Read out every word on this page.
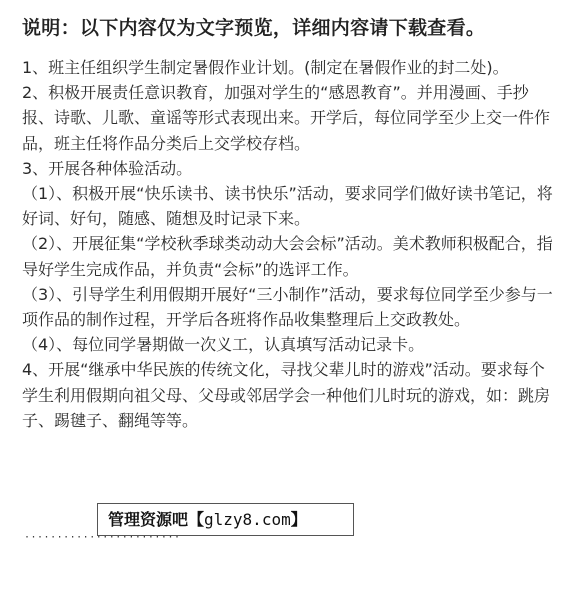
说明：以下内容仅为文字预览，详细内容请下载查看。

1、班主任组织学生制定暑假作业计划。(制定在暑假作业的封二处)。

2、积极开展责任意识教育，加强对学生的“感恩教育”。并用漫画、手抄报、诗歌、儿歌、童谣等形式表现出来。开学后，每位同学至少上交一件作品，班主任将作品分类后上交学校存档。

3、开展各种体验活动。

（1）、积极开展“快乐读书、读书快乐”活动，要求同学们做好读书笔记，将好词、好句，随感、随想及时记录下来。

（2）、开展征集“学校秋季球类动动大会会标”活动。美术教师积极配合，指导好学生完成作品，并负责“会标”的选评工作。

（3）、引导学生利用假期开展好“三小制作”活动，要求每位同学至少参与一项作品的制作过程，开学后各班将作品收集整理后上交政教处。

（4）、每位同学暑期做一次义工，认真填写活动记录卡。

4、开展“继承中华民族的传统文化，寻找父辈儿时的游戏”活动。要求每个学生利用假期向祖父母、父母或邻居学会一种他们儿时玩的游戏，如：跳房子、踢毽子、翻绳等等。

管理资源吧【glzy8.com】
························
